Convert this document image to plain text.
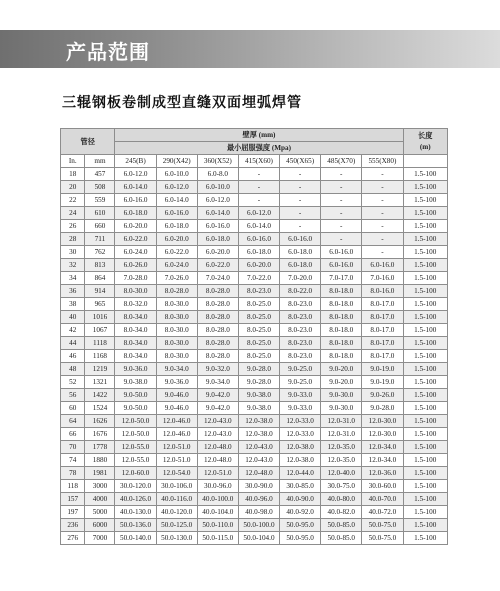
产品范围
三辊钢板卷制成型直缝双面埋弧焊管
管径		壁厚 (mm)							长度
(m)
		最小屈服强度 (Mpa)							
In.	mm	245(B)	290(X42)	360(X52)	415(X60)	450(X65)	485(X70)	555(X80)	
18	457	6.0-12.0	6.0-10.0	6.0-8.0	-	-	-	-	1.5-100
20	508	6.0-14.0	6.0-12.0	6.0-10.0	-	-	-	-	1.5-100
22	559	6.0-16.0	6.0-14.0	6.0-12.0	-	-	-	-	1.5-100
24	610	6.0-18.0	6.0-16.0	6.0-14.0	6.0-12.0	-	-	-	1.5-100
26	660	6.0-20.0	6.0-18.0	6.0-16.0	6.0-14.0	-	-	-	1.5-100
28	711	6.0-22.0	6.0-20.0	6.0-18.0	6.0-16.0	6.0-16.0	-	-	1.5-100
30	762	6.0-24.0	6.0-22.0	6.0-20.0	6.0-18.0	6.0-18.0	6.0-16.0	-	1.5-100
32	813	6.0-26.0	6.0-24.0	6.0-22.0	6.0-20.0	6.0-18.0	6.0-16.0	6.0-16.0	1.5-100
34	864	7.0-28.0	7.0-26.0	7.0-24.0	7.0-22.0	7.0-20.0	7.0-17.0	7.0-16.0	1.5-100
36	914	8.0-30.0	8.0-28.0	8.0-28.0	8.0-23.0	8.0-22.0	8.0-18.0	8.0-16.0	1.5-100
38	965	8.0-32.0	8.0-30.0	8.0-28.0	8.0-25.0	8.0-23.0	8.0-18.0	8.0-17.0	1.5-100
40	1016	8.0-34.0	8.0-30.0	8.0-28.0	8.0-25.0	8.0-23.0	8.0-18.0	8.0-17.0	1.5-100
42	1067	8.0-34.0	8.0-30.0	8.0-28.0	8.0-25.0	8.0-23.0	8.0-18.0	8.0-17.0	1.5-100
44	1118	8.0-34.0	8.0-30.0	8.0-28.0	8.0-25.0	8.0-23.0	8.0-18.0	8.0-17.0	1.5-100
46	1168	8.0-34.0	8.0-30.0	8.0-28.0	8.0-25.0	8.0-23.0	8.0-18.0	8.0-17.0	1.5-100
48	1219	9.0-36.0	9.0-34.0	9.0-32.0	9.0-28.0	9.0-25.0	9.0-20.0	9.0-19.0	1.5-100
52	1321	9.0-38.0	9.0-36.0	9.0-34.0	9.0-28.0	9.0-25.0	9.0-20.0	9.0-19.0	1.5-100
56	1422	9.0-50.0	9.0-46.0	9.0-42.0	9.0-38.0	9.0-33.0	9.0-30.0	9.0-26.0	1.5-100
60	1524	9.0-50.0	9.0-46.0	9.0-42.0	9.0-38.0	9.0-33.0	9.0-30.0	9.0-28.0	1.5-100
64	1626	12.0-50.0	12.0-46.0	12.0-43.0	12.0-38.0	12.0-33.0	12.0-31.0	12.0-30.0	1.5-100
66	1676	12.0-50.0	12.0-46.0	12.0-43.0	12.0-38.0	12.0-33.0	12.0-31.0	12.0-30.0	1.5-100
70	1778	12.0-55.0	12.0-51.0	12.0-48.0	12.0-43.0	12.0-38.0	12.0-35.0	12.0-34.0	1.5-100
74	1880	12.0-55.0	12.0-51.0	12.0-48.0	12.0-43.0	12.0-38.0	12.0-35.0	12.0-34.0	1.5-100
78	1981	12.0-60.0	12.0-54.0	12.0-51.0	12.0-48.0	12.0-44.0	12.0-40.0	12.0-36.0	1.5-100
118	3000	30.0-120.0	30.0-106.0	30.0-96.0	30.0-90.0	30.0-85.0	30.0-75.0	30.0-60.0	1.5-100
157	4000	40.0-126.0	40.0-116.0	40.0-100.0	40.0-96.0	40.0-90.0	40.0-80.0	40.0-70.0	1.5-100
197	5000	40.0-130.0	40.0-120.0	40.0-104.0	40.0-98.0	40.0-92.0	40.0-82.0	40.0-72.0	1.5-100
236	6000	50.0-136.0	50.0-125.0	50.0-110.0	50.0-100.0	50.0-95.0	50.0-85.0	50.0-75.0	1.5-100
276	7000	50.0-140.0	50.0-130.0	50.0-115.0	50.0-104.0	50.0-95.0	50.0-85.0	50.0-75.0	1.5-100
